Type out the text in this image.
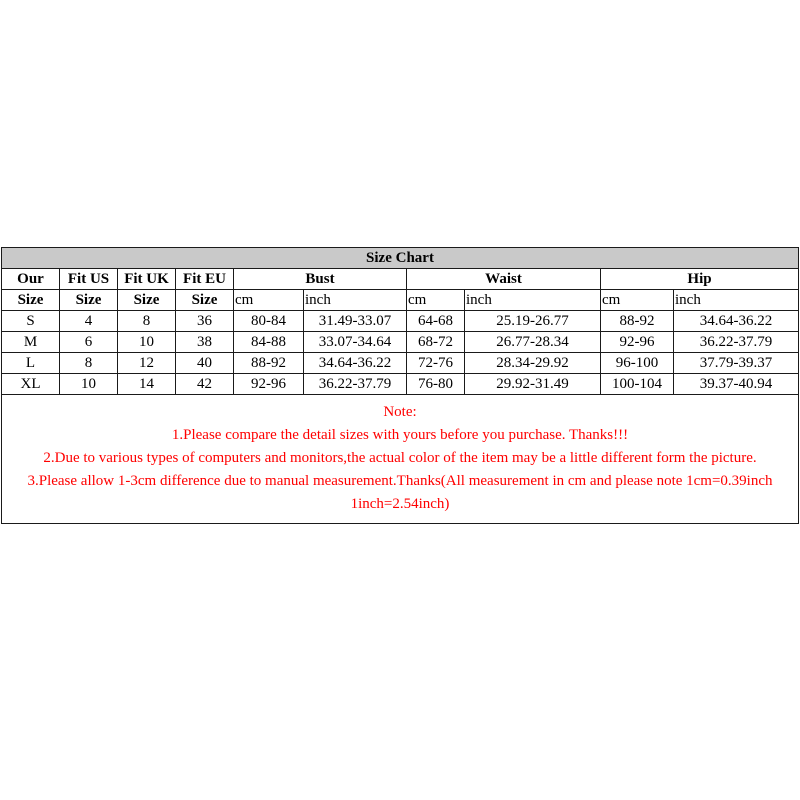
Size Chart									
Our	Fit US	Fit UK	Fit EU	Bust		Waist		Hip	
Size	Size	Size	Size	cm	inch	cm	inch	cm	inch
S	4	8	36	80-84	31.49-33.07	64-68	25.19-26.77	88-92	34.64-36.22
M	6	10	38	84-88	33.07-34.64	68-72	26.77-28.34	92-96	36.22-37.79
L	8	12	40	88-92	34.64-36.22	72-76	28.34-29.92	96-100	37.79-39.37
XL	10	14	42	92-96	36.22-37.79	76-80	29.92-31.49	100-104	39.37-40.94

Note:
1.Please compare the detail sizes with yours before you purchase. Thanks!!!
2.Due to various types of computers and monitors,the actual color of the item may be a little different form the picture.
3.Please allow 1-3cm difference due to manual measurement.Thanks(All measurement in cm and please note 1cm=0.39inch 1inch=2.54inch)									
